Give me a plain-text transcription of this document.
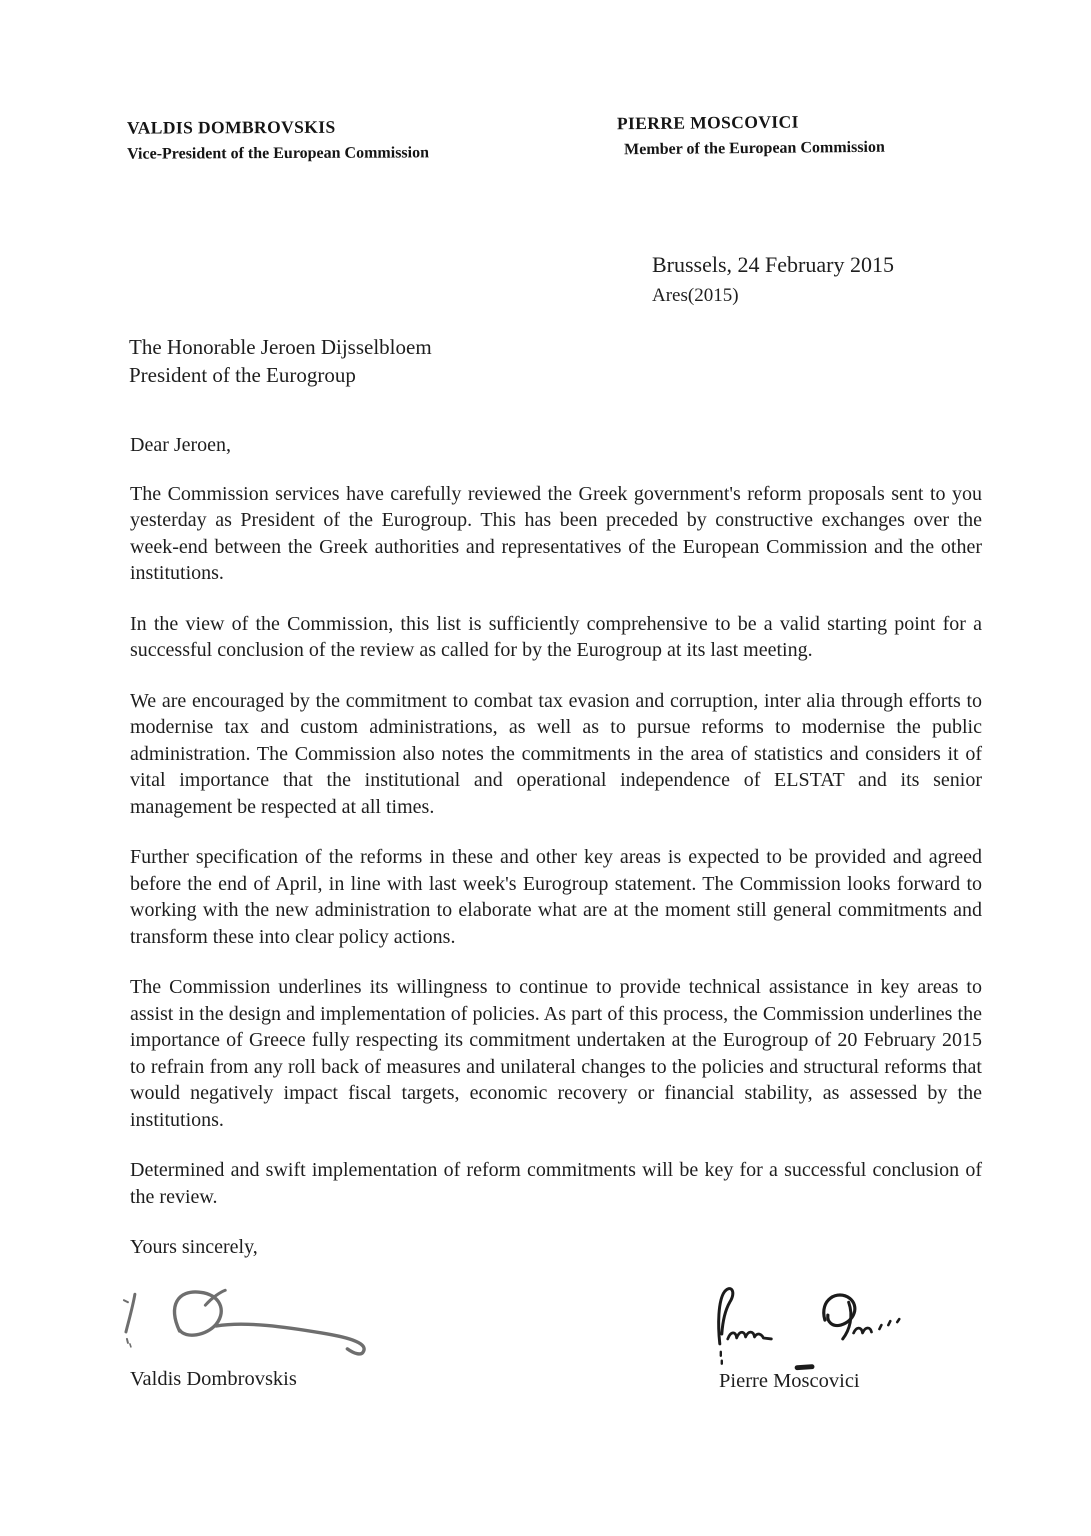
VALDIS DOMBROVSKIS
Vice-President of the European Commission
PIERRE MOSCOVICI
Member of the European Commission
Brussels, 24 February 2015
Ares(2015)
The Honorable Jeroen Dijsselbloem
President of the Eurogroup

Dear Jeroen,

The Commission services have carefully reviewed the Greek government's reform proposals sent to you yesterday as President of the Eurogroup. This has been preceded by constructive exchanges over the week-end between the Greek authorities and representatives of the European Commission and the other institutions.

In the view of the Commission, this list is sufficiently comprehensive to be a valid starting point for a successful conclusion of the review as called for by the Eurogroup at its last meeting.

We are encouraged by the commitment to combat tax evasion and corruption, inter alia through efforts to modernise tax and custom administrations, as well as to pursue reforms to modernise the public administration. The Commission also notes the commitments in the area of statistics and considers it of vital importance that the institutional and operational independence of ELSTAT and its senior management be respected at all times.

Further specification of the reforms in these and other key areas is expected to be provided and agreed before the end of April, in line with last week's Eurogroup statement. The Commission looks forward to working with the new administration to elaborate what are at the moment still general commitments and transform these into clear policy actions.

The Commission underlines its willingness to continue to provide technical assistance in key areas to assist in the design and implementation of policies. As part of this process, the Commission underlines the importance of Greece fully respecting its commitment undertaken at the Eurogroup of 20 February 2015 to refrain from any roll back of measures and unilateral changes to the policies and structural reforms that would negatively impact fiscal targets, economic recovery or financial stability, as assessed by the institutions.

Determined and swift implementation of reform commitments will be key for a successful conclusion of the review.

Yours sincerely,

Valdis Dombrovskis	Pierre Moscovici
